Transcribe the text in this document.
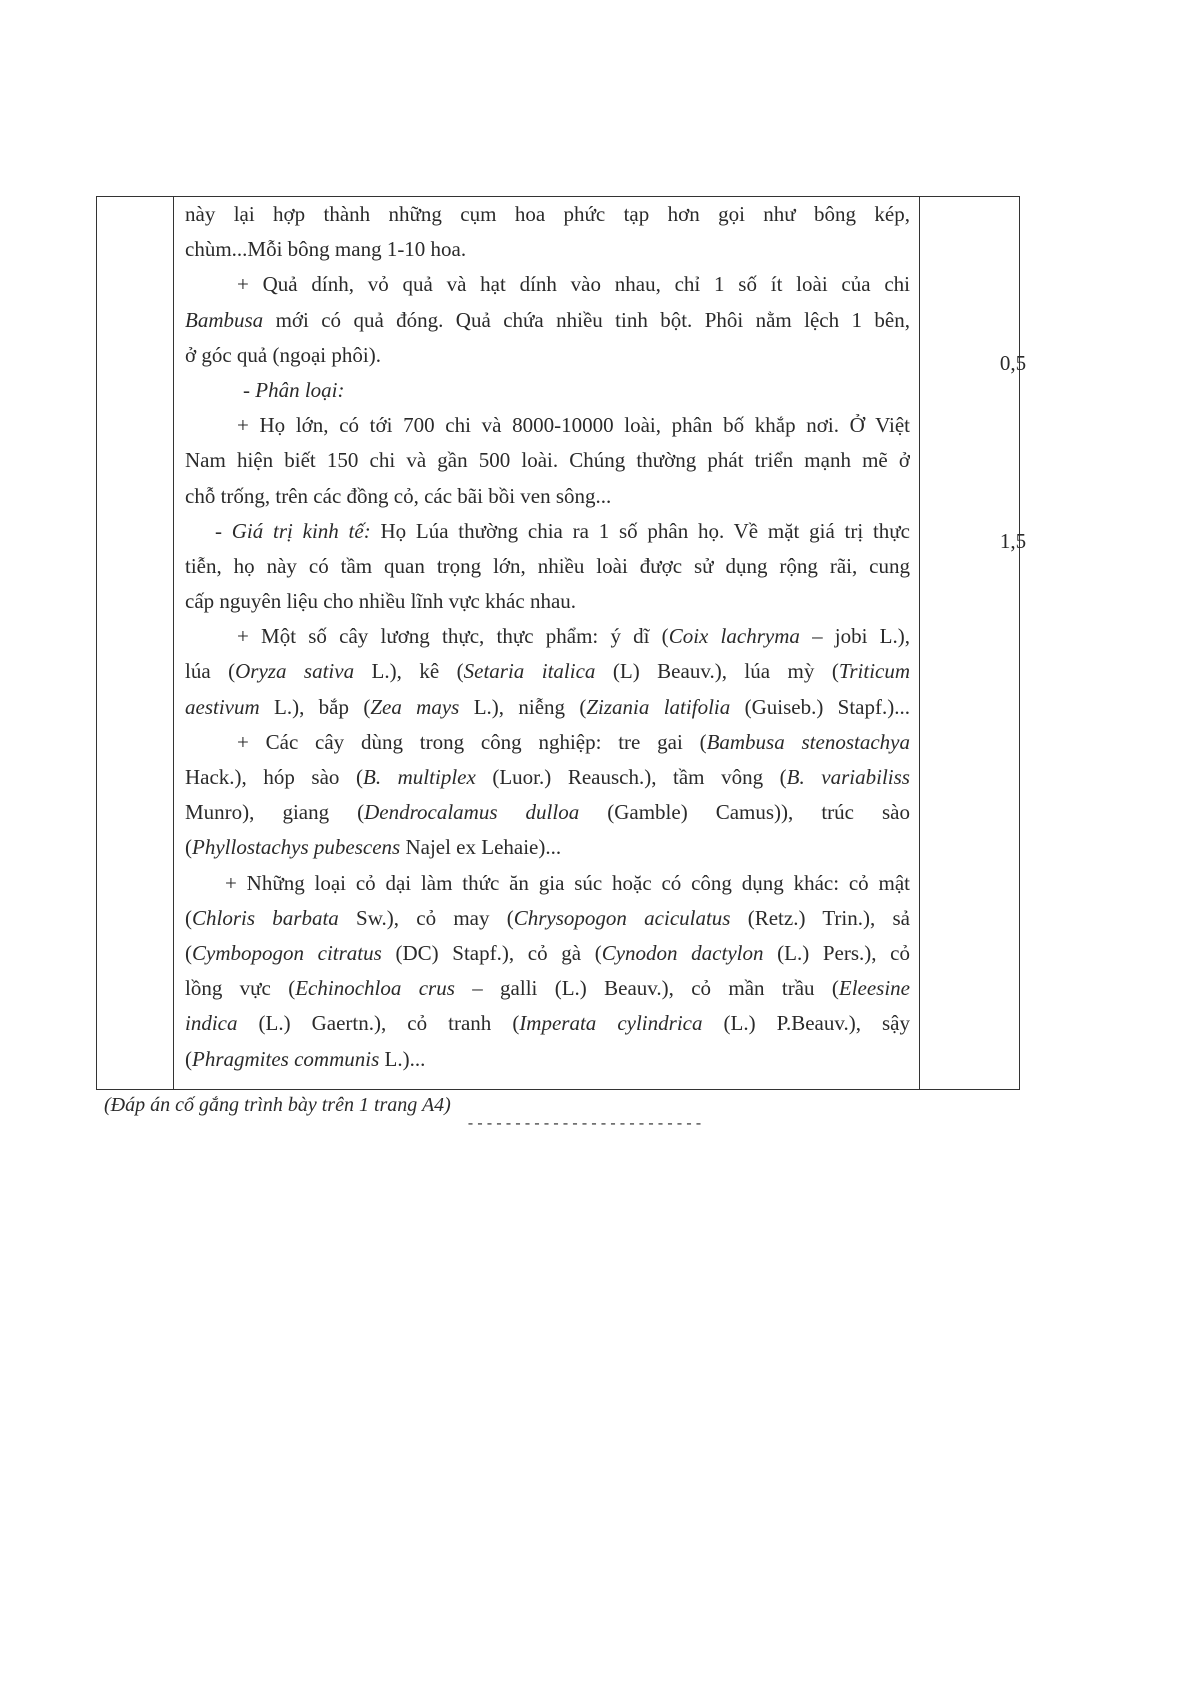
này lại hợp thành những cụm hoa phức tạp hơn gọi như bông kép,
chùm...Mỗi bông mang 1-10 hoa.
+ Quả dính, vỏ quả và hạt dính vào nhau, chỉ 1 số ít loài của chi
Bambusa mới có quả đóng. Quả chứa nhiều tinh bột. Phôi nằm lệch 1 bên,
ở góc quả (ngoại phôi).
- Phân loại:
+ Họ lớn, có tới 700 chi và 8000-10000 loài, phân bố khắp nơi. Ở Việt
Nam hiện biết 150 chi và gần 500 loài. Chúng thường phát triển mạnh mẽ ở
chỗ trống, trên các đồng cỏ, các bãi bồi ven sông...
- Giá trị kinh tế: Họ Lúa thường chia ra 1 số phân họ. Về mặt giá trị thực
tiễn, họ này có tầm quan trọng lớn, nhiều loài được sử dụng rộng rãi, cung
cấp nguyên liệu cho nhiều lĩnh vực khác nhau.
+ Một số cây lương thực, thực phẩm: ý dĩ (Coix lachryma – jobi L.),
lúa (Oryza sativa L.), kê (Setaria italica (L) Beauv.), lúa mỳ (Triticum
aestivum L.), bắp (Zea mays L.), niễng (Zizania latifolia (Guiseb.) Stapf.)...
+ Các cây dùng trong công nghiệp: tre gai (Bambusa stenostachya
Hack.), hóp sào (B. multiplex (Luor.) Reausch.), tầm vông (B. variabiliss
Munro), giang (Dendrocalamus dulloa (Gamble) Camus)), trúc sào
(Phyllostachys pubescens Najel ex Lehaie)...
+ Những loại cỏ dại làm thức ăn gia súc hoặc có công dụng khác: cỏ mật
(Chloris barbata Sw.), cỏ may (Chrysopogon aciculatus (Retz.) Trin.), sả
(Cymbopogon citratus (DC) Stapf.), cỏ gà (Cynodon dactylon (L.) Pers.), cỏ
lồng vực (Echinochloa crus – galli (L.) Beauv.), cỏ mần trầu (Eleesine
indica (L.) Gaertn.), cỏ tranh (Imperata cylindrica (L.) P.Beauv.), sậy
(Phragmites communis L.)...
0,5
1,5
(Đáp án cố gắng trình bày trên 1 trang A4)
-------------------------
